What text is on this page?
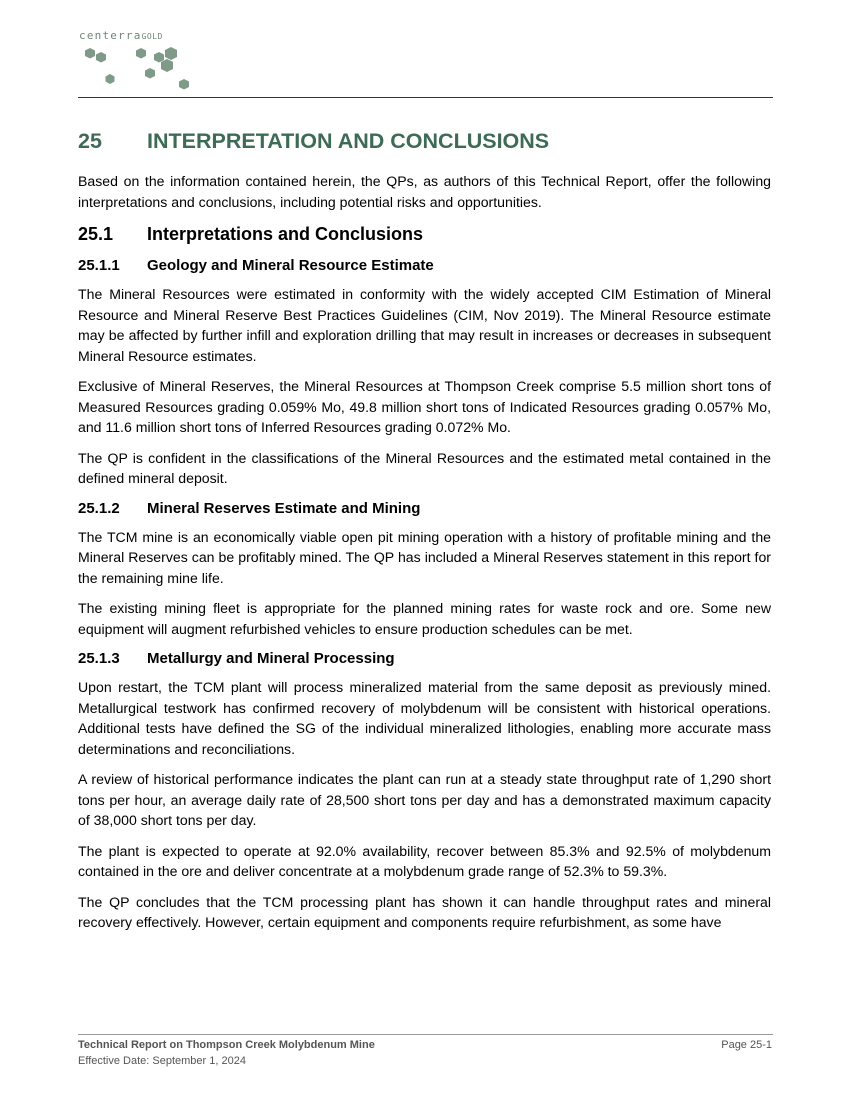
centerraGOLD
25	INTERPRETATION AND CONCLUSIONS

Based on the information contained herein, the QPs, as authors of this Technical Report, offer the following interpretations and conclusions, including potential risks and opportunities.

25.1	Interpretations and Conclusions
25.1.1	Geology and Mineral Resource Estimate

The Mineral Resources were estimated in conformity with the widely accepted CIM Estimation of Mineral Resource and Mineral Reserve Best Practices Guidelines (CIM, Nov 2019). The Mineral Resource estimate may be affected by further infill and exploration drilling that may result in increases or decreases in subsequent Mineral Resource estimates.

Exclusive of Mineral Reserves, the Mineral Resources at Thompson Creek comprise 5.5 million short tons of Measured Resources grading 0.059% Mo, 49.8 million short tons of Indicated Resources grading 0.057% Mo, and 11.6 million short tons of Inferred Resources grading 0.072% Mo.

The QP is confident in the classifications of the Mineral Resources and the estimated metal contained in the defined mineral deposit.

25.1.2	Mineral Reserves Estimate and Mining

The TCM mine is an economically viable open pit mining operation with a history of profitable mining and the Mineral Reserves can be profitably mined. The QP has included a Mineral Reserves statement in this report for the remaining mine life.

The existing mining fleet is appropriate for the planned mining rates for waste rock and ore. Some new equipment will augment refurbished vehicles to ensure production schedules can be met.

25.1.3	Metallurgy and Mineral Processing

Upon restart, the TCM plant will process mineralized material from the same deposit as previously mined. Metallurgical testwork has confirmed recovery of molybdenum will be consistent with historical operations. Additional tests have defined the SG of the individual mineralized lithologies, enabling more accurate mass determinations and reconciliations.

A review of historical performance indicates the plant can run at a steady state throughput rate of 1,290 short tons per hour, an average daily rate of 28,500 short tons per day and has a demonstrated maximum capacity of 38,000 short tons per day.

The plant is expected to operate at 92.0% availability, recover between 85.3% and 92.5% of molybdenum contained in the ore and deliver concentrate at a molybdenum grade range of 52.3% to 59.3%.

The QP concludes that the TCM processing plant has shown it can handle throughput rates and mineral recovery effectively. However, certain equipment and components require refurbishment, as some have

Technical Report on Thompson Creek Molybdenum Mine
Effective Date: September 1, 2024
Page 25-1
